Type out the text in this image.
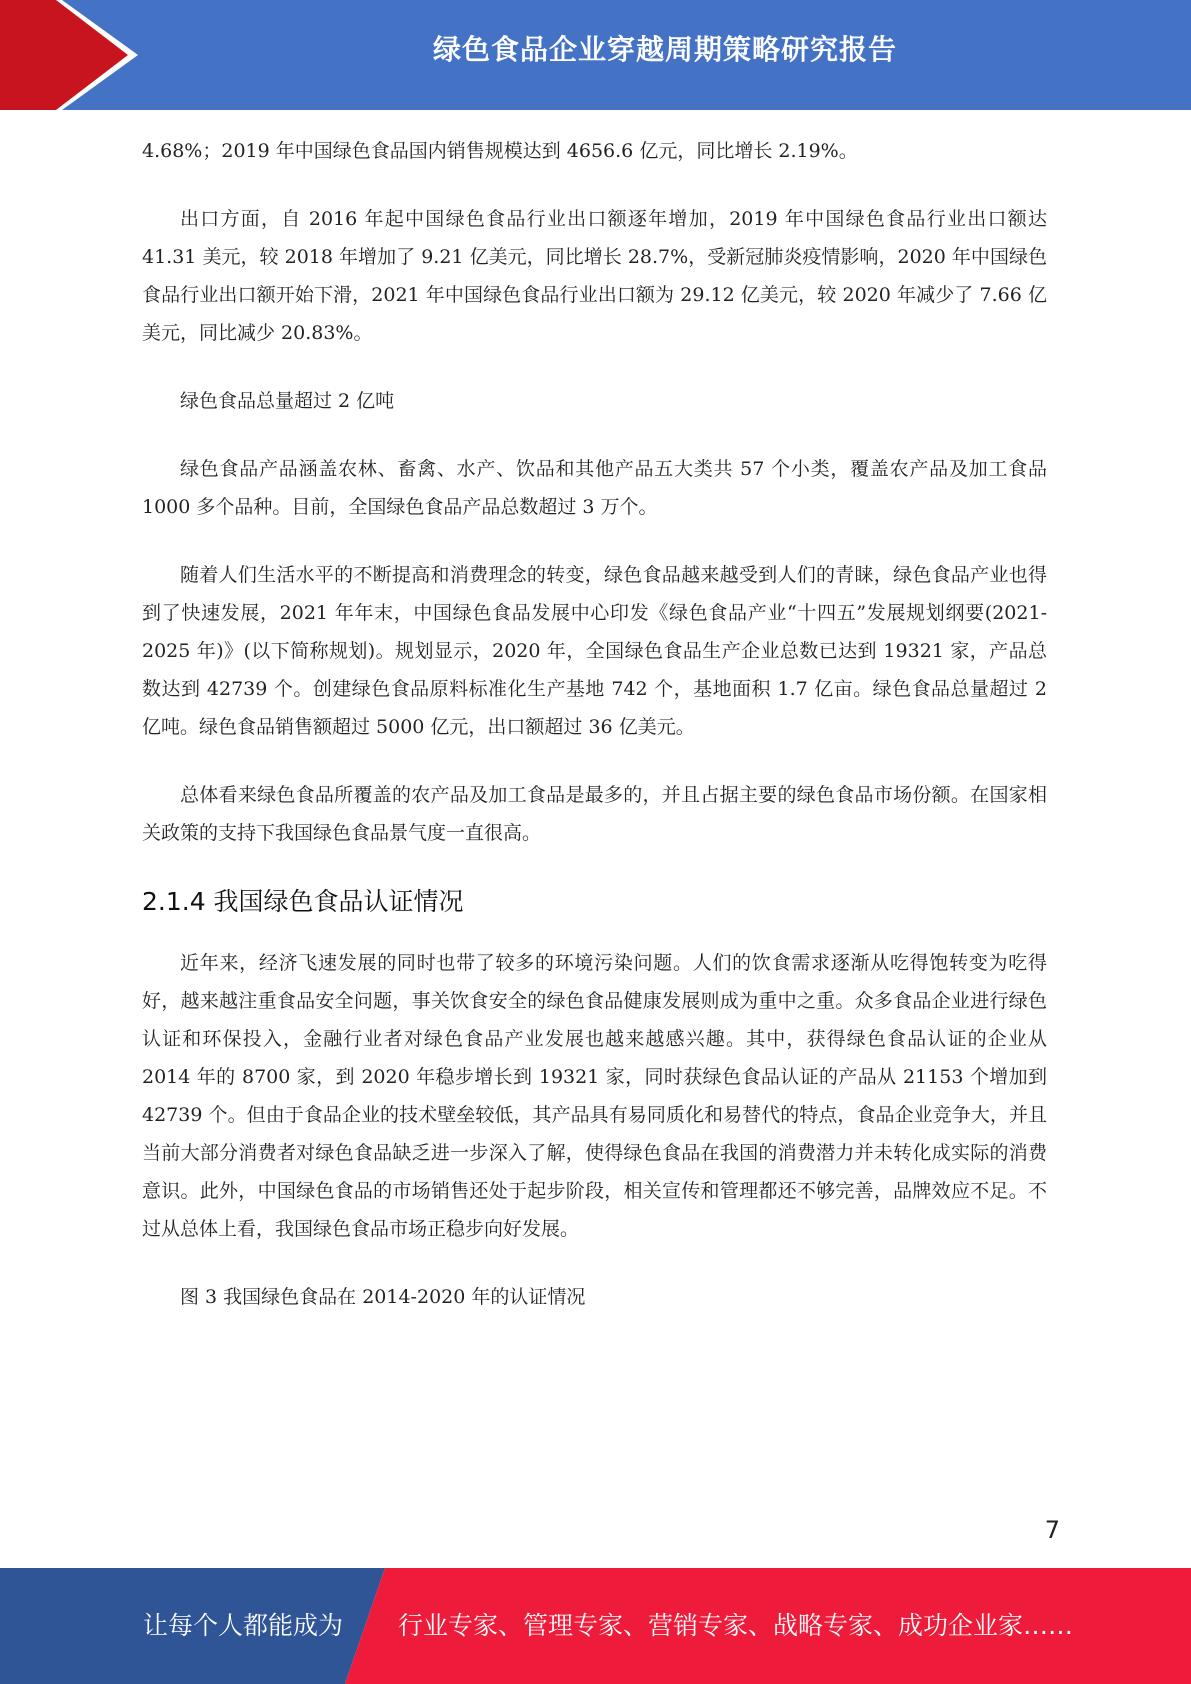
绿色食品企业穿越周期策略研究报告

4.68%；2019 年中国绿色食品国内销售规模达到 4656.6 亿元，同比增长 2.19%。

出口方面，自 2016 年起中国绿色食品行业出口额逐年增加，2019 年中国绿色食品行业出口额达 41.31 美元，较 2018 年增加了 9.21 亿美元，同比增长 28.7%，受新冠肺炎疫情影响，2020 年中国绿色食品行业出口额开始下滑，2021 年中国绿色食品行业出口额为 29.12 亿美元，较 2020 年减少了 7.66 亿美元，同比减少 20.83%。

绿色食品总量超过 2 亿吨

绿色食品产品涵盖农林、畜禽、水产、饮品和其他产品五大类共 57 个小类，覆盖农产品及加工食品 1000 多个品种。目前，全国绿色食品产品总数超过 3 万个。

随着人们生活水平的不断提高和消费理念的转变，绿色食品越来越受到人们的青睐，绿色食品产业也得到了快速发展，2021 年年末，中国绿色食品发展中心印发《绿色食品产业“十四五”发展规划纲要(2021-2025 年)》(以下简称规划)。规划显示，2020 年，全国绿色食品生产企业总数已达到 19321 家，产品总数达到 42739 个。创建绿色食品原料标准化生产基地 742 个，基地面积 1.7 亿亩。绿色食品总量超过 2 亿吨。绿色食品销售额超过 5000 亿元，出口额超过 36 亿美元。

总体看来绿色食品所覆盖的农产品及加工食品是最多的，并且占据主要的绿色食品市场份额。在国家相关政策的支持下我国绿色食品景气度一直很高。

2.1.4 我国绿色食品认证情况

近年来，经济飞速发展的同时也带了较多的环境污染问题。人们的饮食需求逐渐从吃得饱转变为吃得好，越来越注重食品安全问题，事关饮食安全的绿色食品健康发展则成为重中之重。众多食品企业进行绿色认证和环保投入，金融行业者对绿色食品产业发展也越来越感兴趣。其中，获得绿色食品认证的企业从 2014 年的 8700 家，到 2020 年稳步增长到 19321 家，同时获绿色食品认证的产品从 21153 个增加到 42739 个。但由于食品企业的技术壁垒较低，其产品具有易同质化和易替代的特点，食品企业竞争大，并且当前大部分消费者对绿色食品缺乏进一步深入了解，使得绿色食品在我国的消费潜力并未转化成实际的消费意识。此外，中国绿色食品的市场销售还处于起步阶段，相关宣传和管理都还不够完善，品牌效应不足。不过从总体上看，我国绿色食品市场正稳步向好发展。

图 3 我国绿色食品在 2014-2020 年的认证情况

7
让每个人都能成为 行业专家、管理专家、营销专家、战略专家、成功企业家……
